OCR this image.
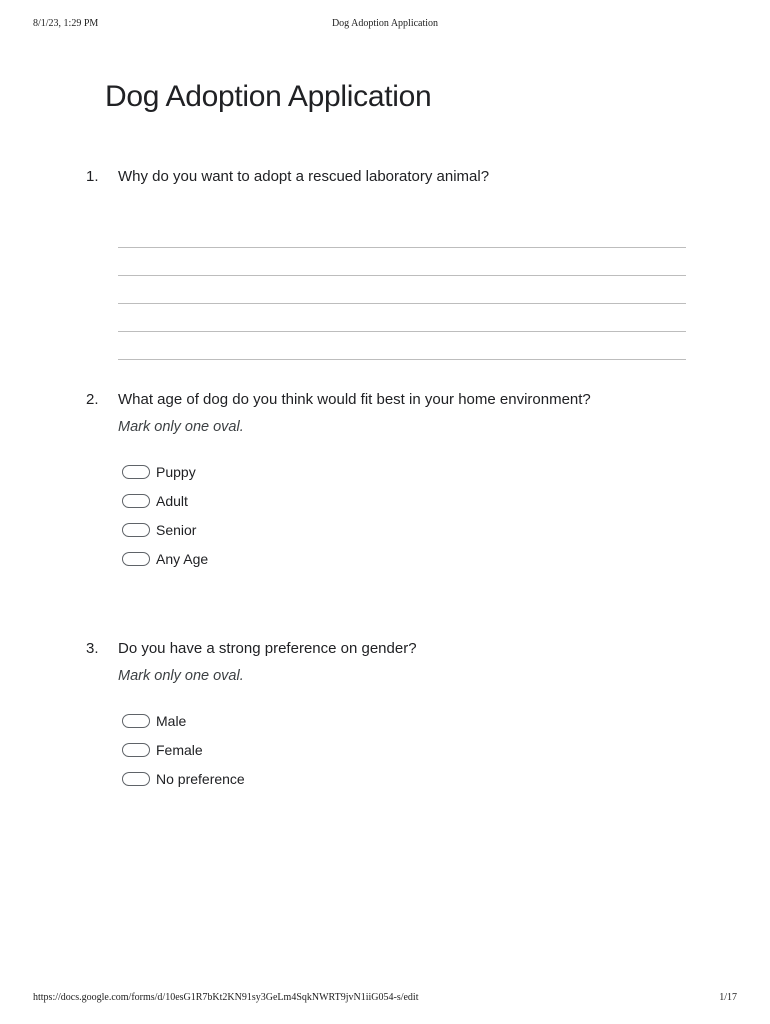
8/1/23, 1:29 PM	Dog Adoption Application
Dog Adoption Application
1. Why do you want to adopt a rescued laboratory animal?
2. What age of dog do you think would fit best in your home environment?
Mark only one oval.
Puppy
Adult
Senior
Any Age
3. Do you have a strong preference on gender?
Mark only one oval.
Male
Female
No preference
https://docs.google.com/forms/d/10esG1R7bKt2KN91sy3GeLm4SqkNWRT9jvN1iiG054-s/edit	1/17
